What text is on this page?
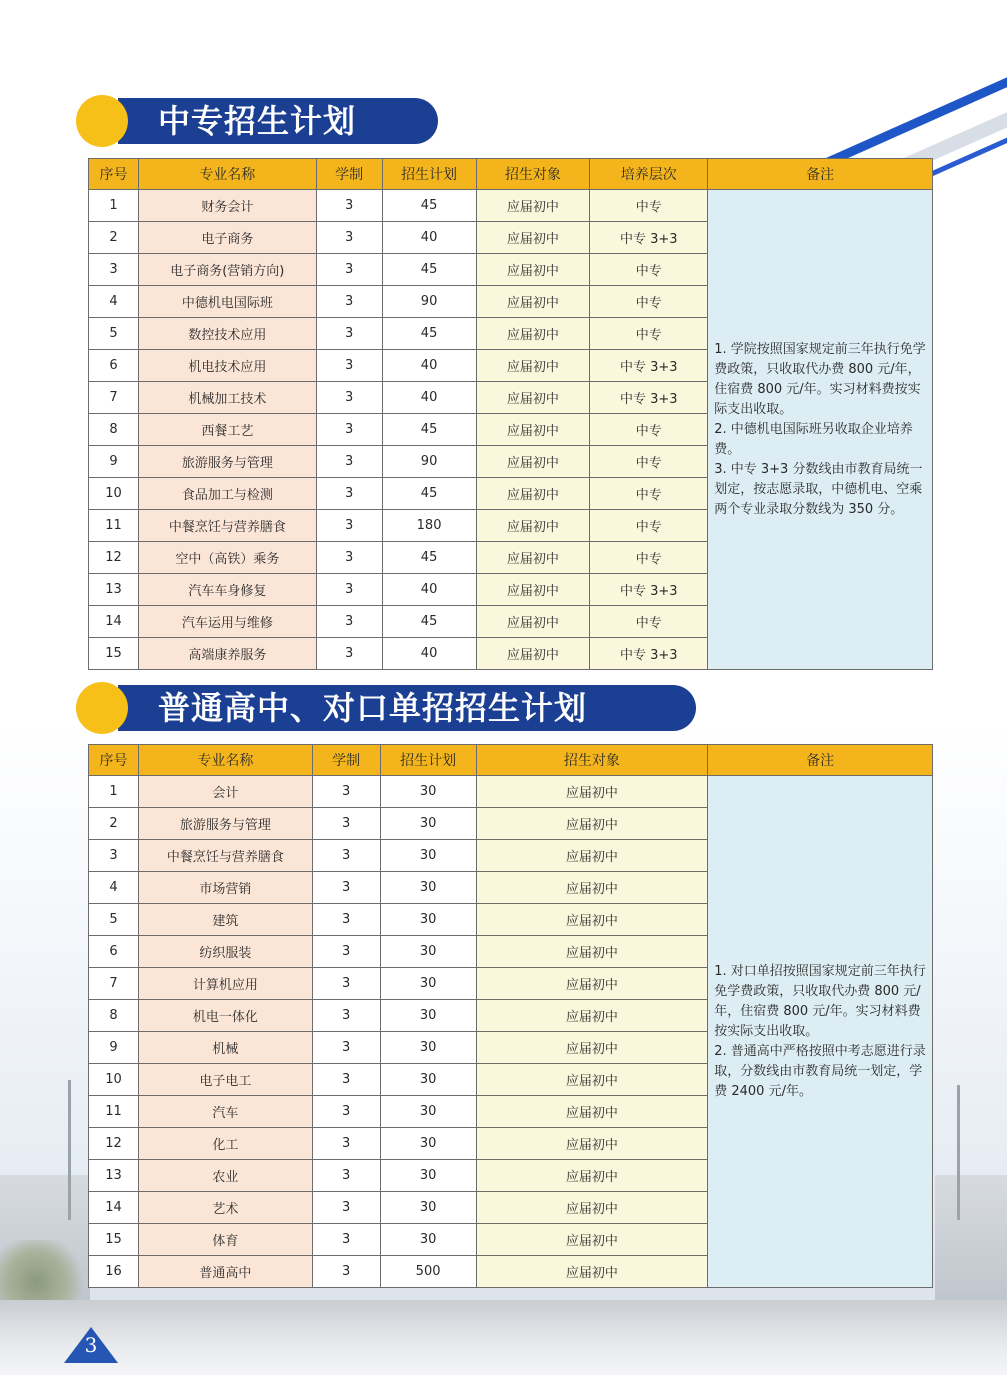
中专招生计划
序号	专业名称	学制	招生计划	招生对象	培养层次	备注
1	财务会计	3	45	应届初中	中专	1. 学院按照国家规定前三年执行免学费政策，只收取代办费 800 元/年，住宿费 800 元/年。实习材料费按实际支出收取。
2. 中德机电国际班另收取企业培养费。
3. 中专 3+3 分数线由市教育局统一划定，按志愿录取，中德机电、空乘两个专业录取分数线为 350 分。
2	电子商务	3	40	应届初中	中专 3+3	
3	电子商务(营销方向)	3	45	应届初中	中专	
4	中德机电国际班	3	90	应届初中	中专	
5	数控技术应用	3	45	应届初中	中专	
6	机电技术应用	3	40	应届初中	中专 3+3	
7	机械加工技术	3	40	应届初中	中专 3+3	
8	西餐工艺	3	45	应届初中	中专	
9	旅游服务与管理	3	90	应届初中	中专	
10	食品加工与检测	3	45	应届初中	中专	
11	中餐烹饪与营养膳食	3	180	应届初中	中专	
12	空中（高铁）乘务	3	45	应届初中	中专	
13	汽车车身修复	3	40	应届初中	中专 3+3	
14	汽车运用与维修	3	45	应届初中	中专	
15	高端康养服务	3	40	应届初中	中专 3+3	
普通高中、对口单招招生计划
序号	专业名称	学制	招生计划	招生对象	备注
1	会计	3	30	应届初中	1. 对口单招按照国家规定前三年执行免学费政策，只收取代办费 800 元/年，住宿费 800 元/年。实习材料费按实际支出收取。
2. 普通高中严格按照中考志愿进行录取，分数线由市教育局统一划定，学费 2400 元/年。
2	旅游服务与管理	3	30	应届初中	
3	中餐烹饪与营养膳食	3	30	应届初中	
4	市场营销	3	30	应届初中	
5	建筑	3	30	应届初中	
6	纺织服装	3	30	应届初中	
7	计算机应用	3	30	应届初中	
8	机电一体化	3	30	应届初中	
9	机械	3	30	应届初中	
10	电子电工	3	30	应届初中	
11	汽车	3	30	应届初中	
12	化工	3	30	应届初中	
13	农业	3	30	应届初中	
14	艺术	3	30	应届初中	
15	体育	3	30	应届初中	
16	普通高中	3	500	应届初中	
3
